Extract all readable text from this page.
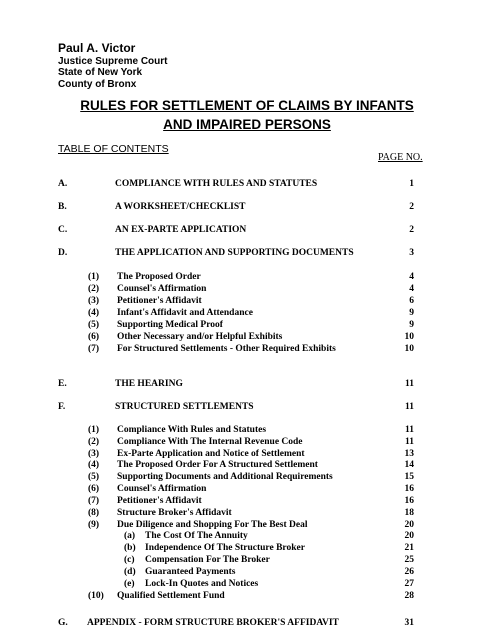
Paul A. Victor
Justice Supreme Court
State of New York
County of Bronx
RULES FOR SETTLEMENT OF CLAIMS BY INFANTS
AND IMPAIRED PERSONS
TABLE OF CONTENTS
PAGE NO.
A.	COMPLIANCE WITH RULES AND STATUTES	1
B.	A WORKSHEET/CHECKLIST	2
C.	AN EX-PARTE APPLICATION	2
D.	THE APPLICATION AND SUPPORTING DOCUMENTS	3
(1) The Proposed Order	4
(2) Counsel's Affirmation	4
(3) Petitioner's Affidavit	6
(4) Infant's Affidavit and Attendance	9
(5) Supporting Medical Proof	9
(6) Other Necessary and/or Helpful Exhibits	10
(7) For Structured Settlements - Other Required Exhibits	10
E.	THE HEARING	11
F.	STRUCTURED SETTLEMENTS	11
(1) Compliance With Rules and Statutes	11
(2) Compliance With The Internal Revenue Code	11
(3) Ex-Parte Application and Notice of Settlement	13
(4) The Proposed Order For A Structured Settlement	14
(5) Supporting Documents and Additional Requirements	15
(6) Counsel's Affirmation	16
(7) Petitioner's Affidavit	16
(8) Structure Broker's Affidavit	18
(9) Due Diligence and Shopping For The Best Deal	20
(a) The Cost Of The Annuity	20
(b) Independence Of The Structure Broker	21
(c) Compensation For The Broker	25
(d) Guaranteed Payments	26
(e) Lock-In Quotes and Notices	27
(10) Qualified Settlement Fund	28
G. APPENDIX - FORM STRUCTURE BROKER'S AFFIDAVIT	31
